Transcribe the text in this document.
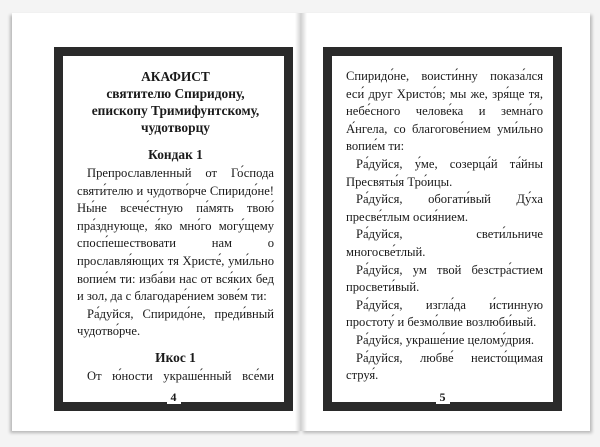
АКАФИСТ
святителю Спиридону,
епископу Тримифунтскому,
чудотворцу
Кондак 1

Препрославленный от Го́спода святи́телю и чудотво́рче Спиридо́не! Ны́не всече́стную па́мять твою́ пра́зднующе, я́ко мно́го могу́щему спосп́ешествовати нам о прославля́ющих тя Христе́, уми́льно вопие́м ти: изба́ви нас от вся́ких бед и зол, да с благодаре́нием зове́м ти:

Ра́дуйся, Спиридо́не, преди́вный чудотво́рче.

Икос 1

От ю́ности украше́нный все́ми

4

Спиридо́не, воисти́нну показа́лся еси́ друг Христо́в; мы же, зря́ще тя, небе́сного челове́ка и земна́го А́нгела, со благогове́нием уми́льно вопие́м ти:

Ра́дуйся, у́ме, созерца́й та́йны Пресвяты́я Тро́ицы.

Ра́дуйся, обогати́вый Ду́ха пресве́тлым осия́нием.

Ра́дуйся, свети́льниче многосве́тлый.

Ра́дуйся, ум твой безстра́стием просвети́вый.

Ра́дуйся, изгла́да и́стинную простоту́ и безмо́лвие возлюби́вый.

Ра́дуйся, украше́ние целому́дрия.

Ра́дуйся, любве́ неисто́щимая струя́.

5
